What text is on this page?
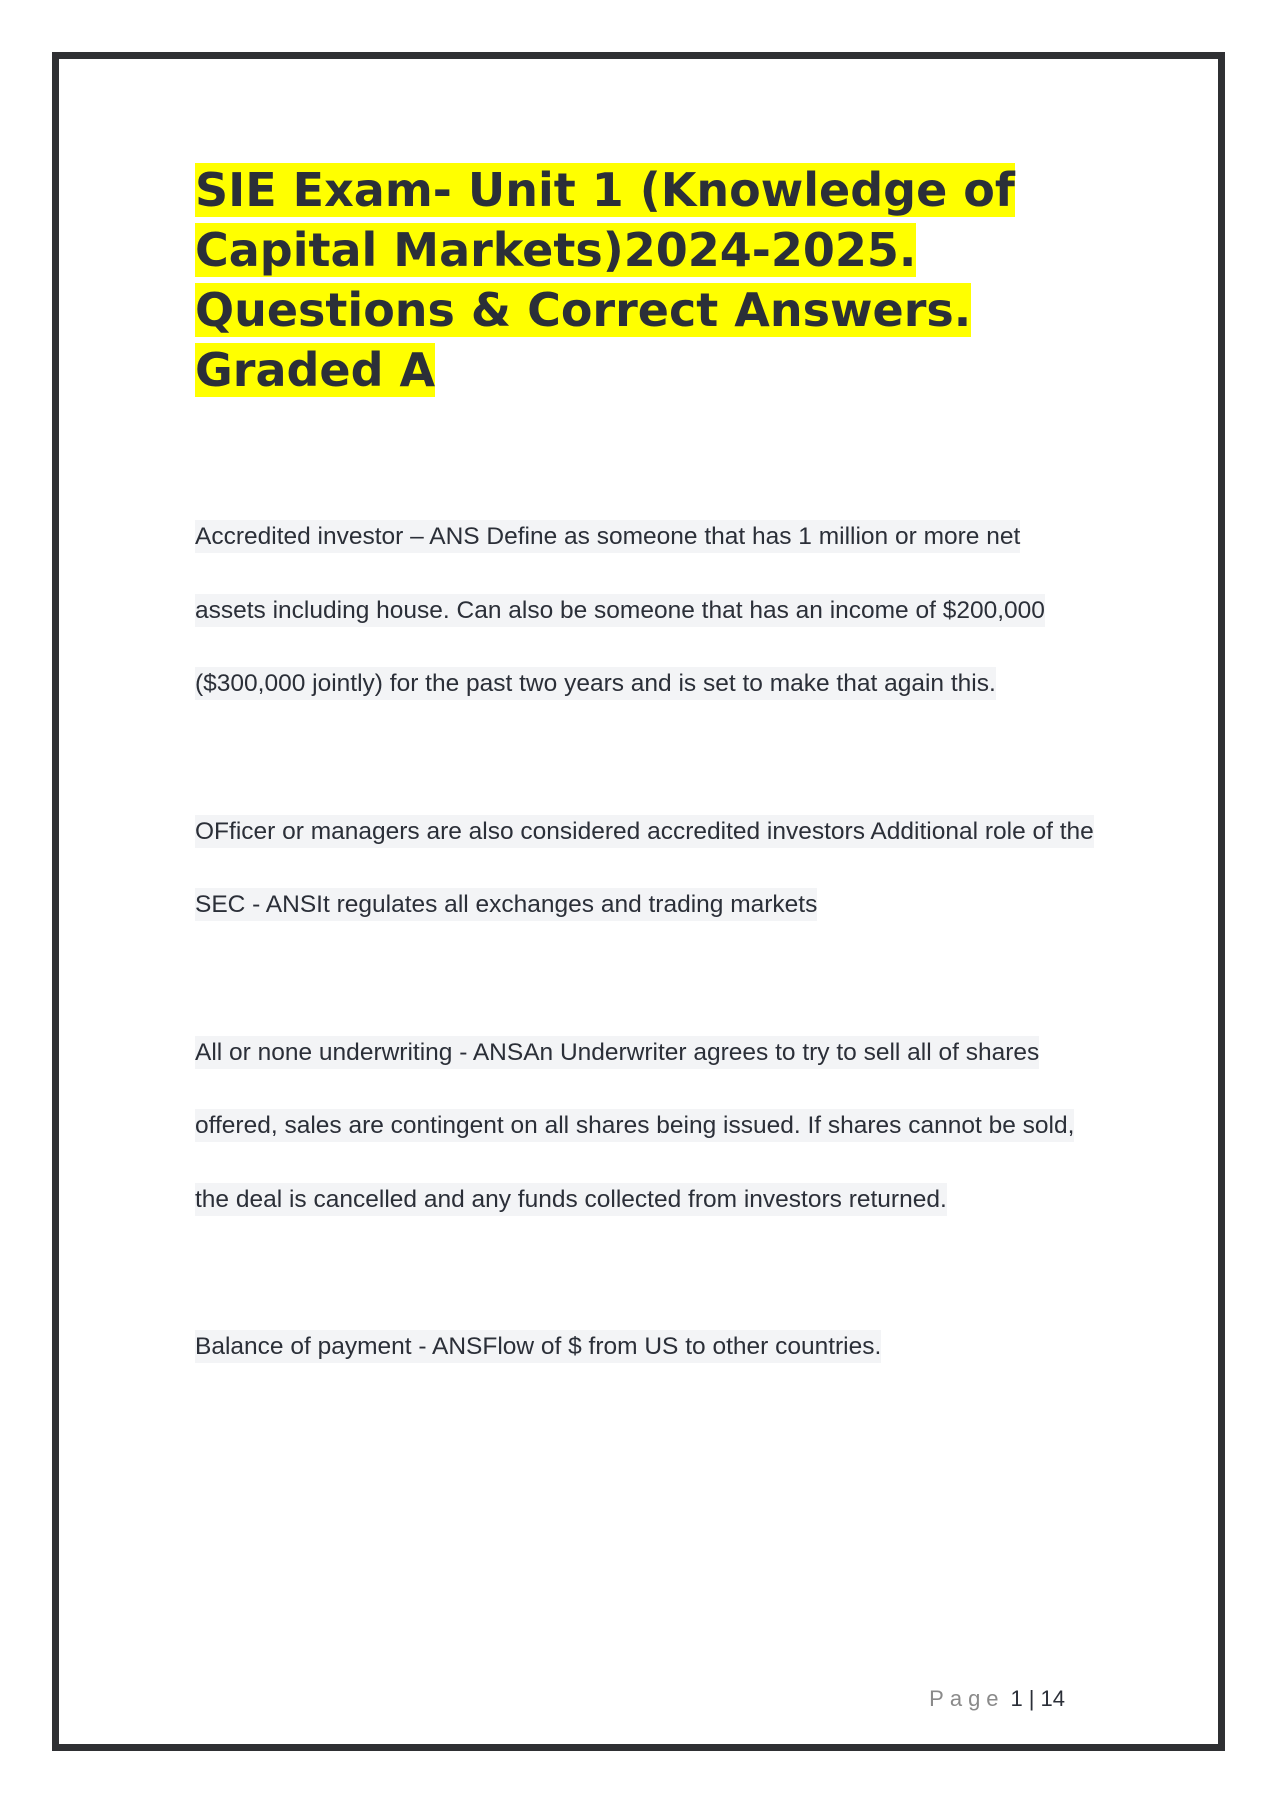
SIE Exam- Unit 1 (Knowledge of Capital Markets)2024-2025. Questions & Correct Answers. Graded A

Accredited investor – ANS Define as someone that has 1 million or more net assets including house. Can also be someone that has an income of $200,000 ($300,000 jointly) for the past two years and is set to make that again this.

OFficer or managers are also considered accredited investors Additional role of the SEC - ANSIt regulates all exchanges and trading markets

All or none underwriting - ANSAn Underwriter agrees to try to sell all of shares offered, sales are contingent on all shares being issued. If shares cannot be sold, the deal is cancelled and any funds collected from investors returned.

Balance of payment - ANSFlow of $ from US to other countries.

Page 1 | 14
